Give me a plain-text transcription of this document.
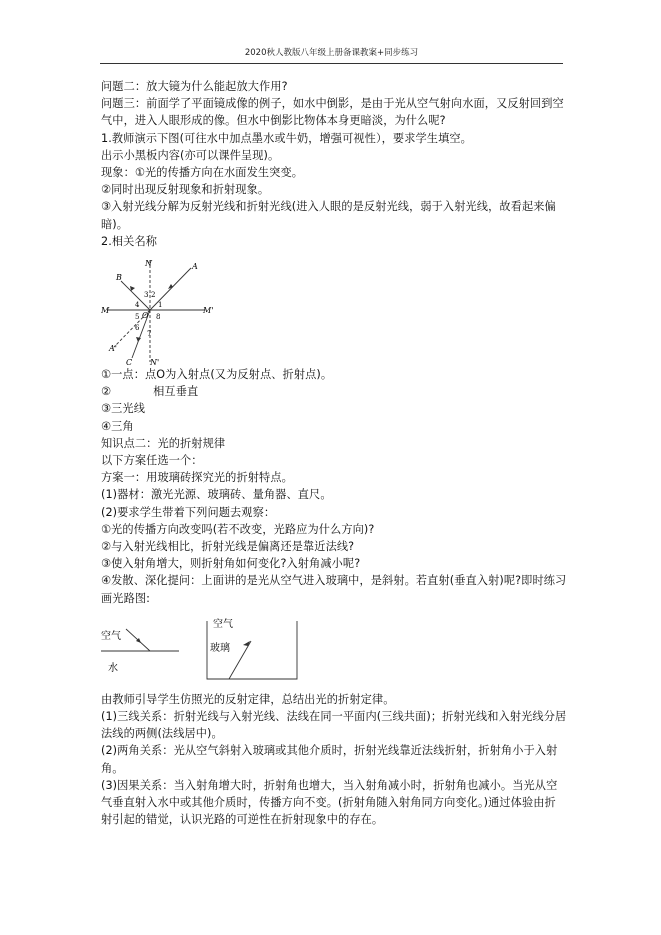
2020秋人教版八年级上册备课教案+同步练习

问题二：放大镜为什么能起放大作用?

问题三：前面学了平面镜成像的例子，如水中倒影，是由于光从空气射向水面，又反射回到空气中，进入人眼形成的像。但水中倒影比物体本身更暗淡，为什么呢?

1.教师演示下图(可往水中加点墨水或牛奶，增强可视性），要求学生填空。

出示小黑板内容(亦可以课件呈现)。

现象：①光的传播方向在水面发生突变。

②同时出现反射现象和折射现象。

③入射光线分解为反射光线和折射光线(进入人眼的是反射光线，弱于入射光线，故看起来偏暗)。

2.相关名称

N
B
A
M	M'
O
A'
C N'
1
2
3
4
5
6
7
8

①一点：点O为入射点(又为反射点、折射点)。

②	相互垂直

③三光线

④三角

知识点二：光的折射规律

以下方案任选一个：

方案一：用玻璃砖探究光的折射特点。

(1)器材：激光光源、玻璃砖、量角器、直尺。

(2)要求学生带着下列问题去观察：

①光的传播方向改变吗(若不改变，光路应为什么方向)?

②与入射光线相比，折射光线是偏离还是靠近法线?

③使入射角增大，则折射角如何变化?入射角减小呢?

④发散、深化提问：上面讲的是光从空气进入玻璃中，是斜射。若直射(垂直入射)呢?即时练习画光路图:

空气
水
空气
玻璃

由教师引导学生仿照光的反射定律，总结出光的折射定律。

(1)三线关系：折射光线与入射光线、法线在同一平面内(三线共面)；折射光线和入射光线分居法线的两侧(法线居中)。

(2)两角关系：光从空气斜射入玻璃或其他介质时，折射光线靠近法线折射，折射角小于入射角。

(3)因果关系：当入射角增大时，折射角也增大，当入射角减小时，折射角也减小。当光从空气垂直射入水中或其他介质时，传播方向不变。(折射角随入射角同方向变化。)通过体验由折射引起的错觉，认识光路的可逆性在折射现象中的存在。
